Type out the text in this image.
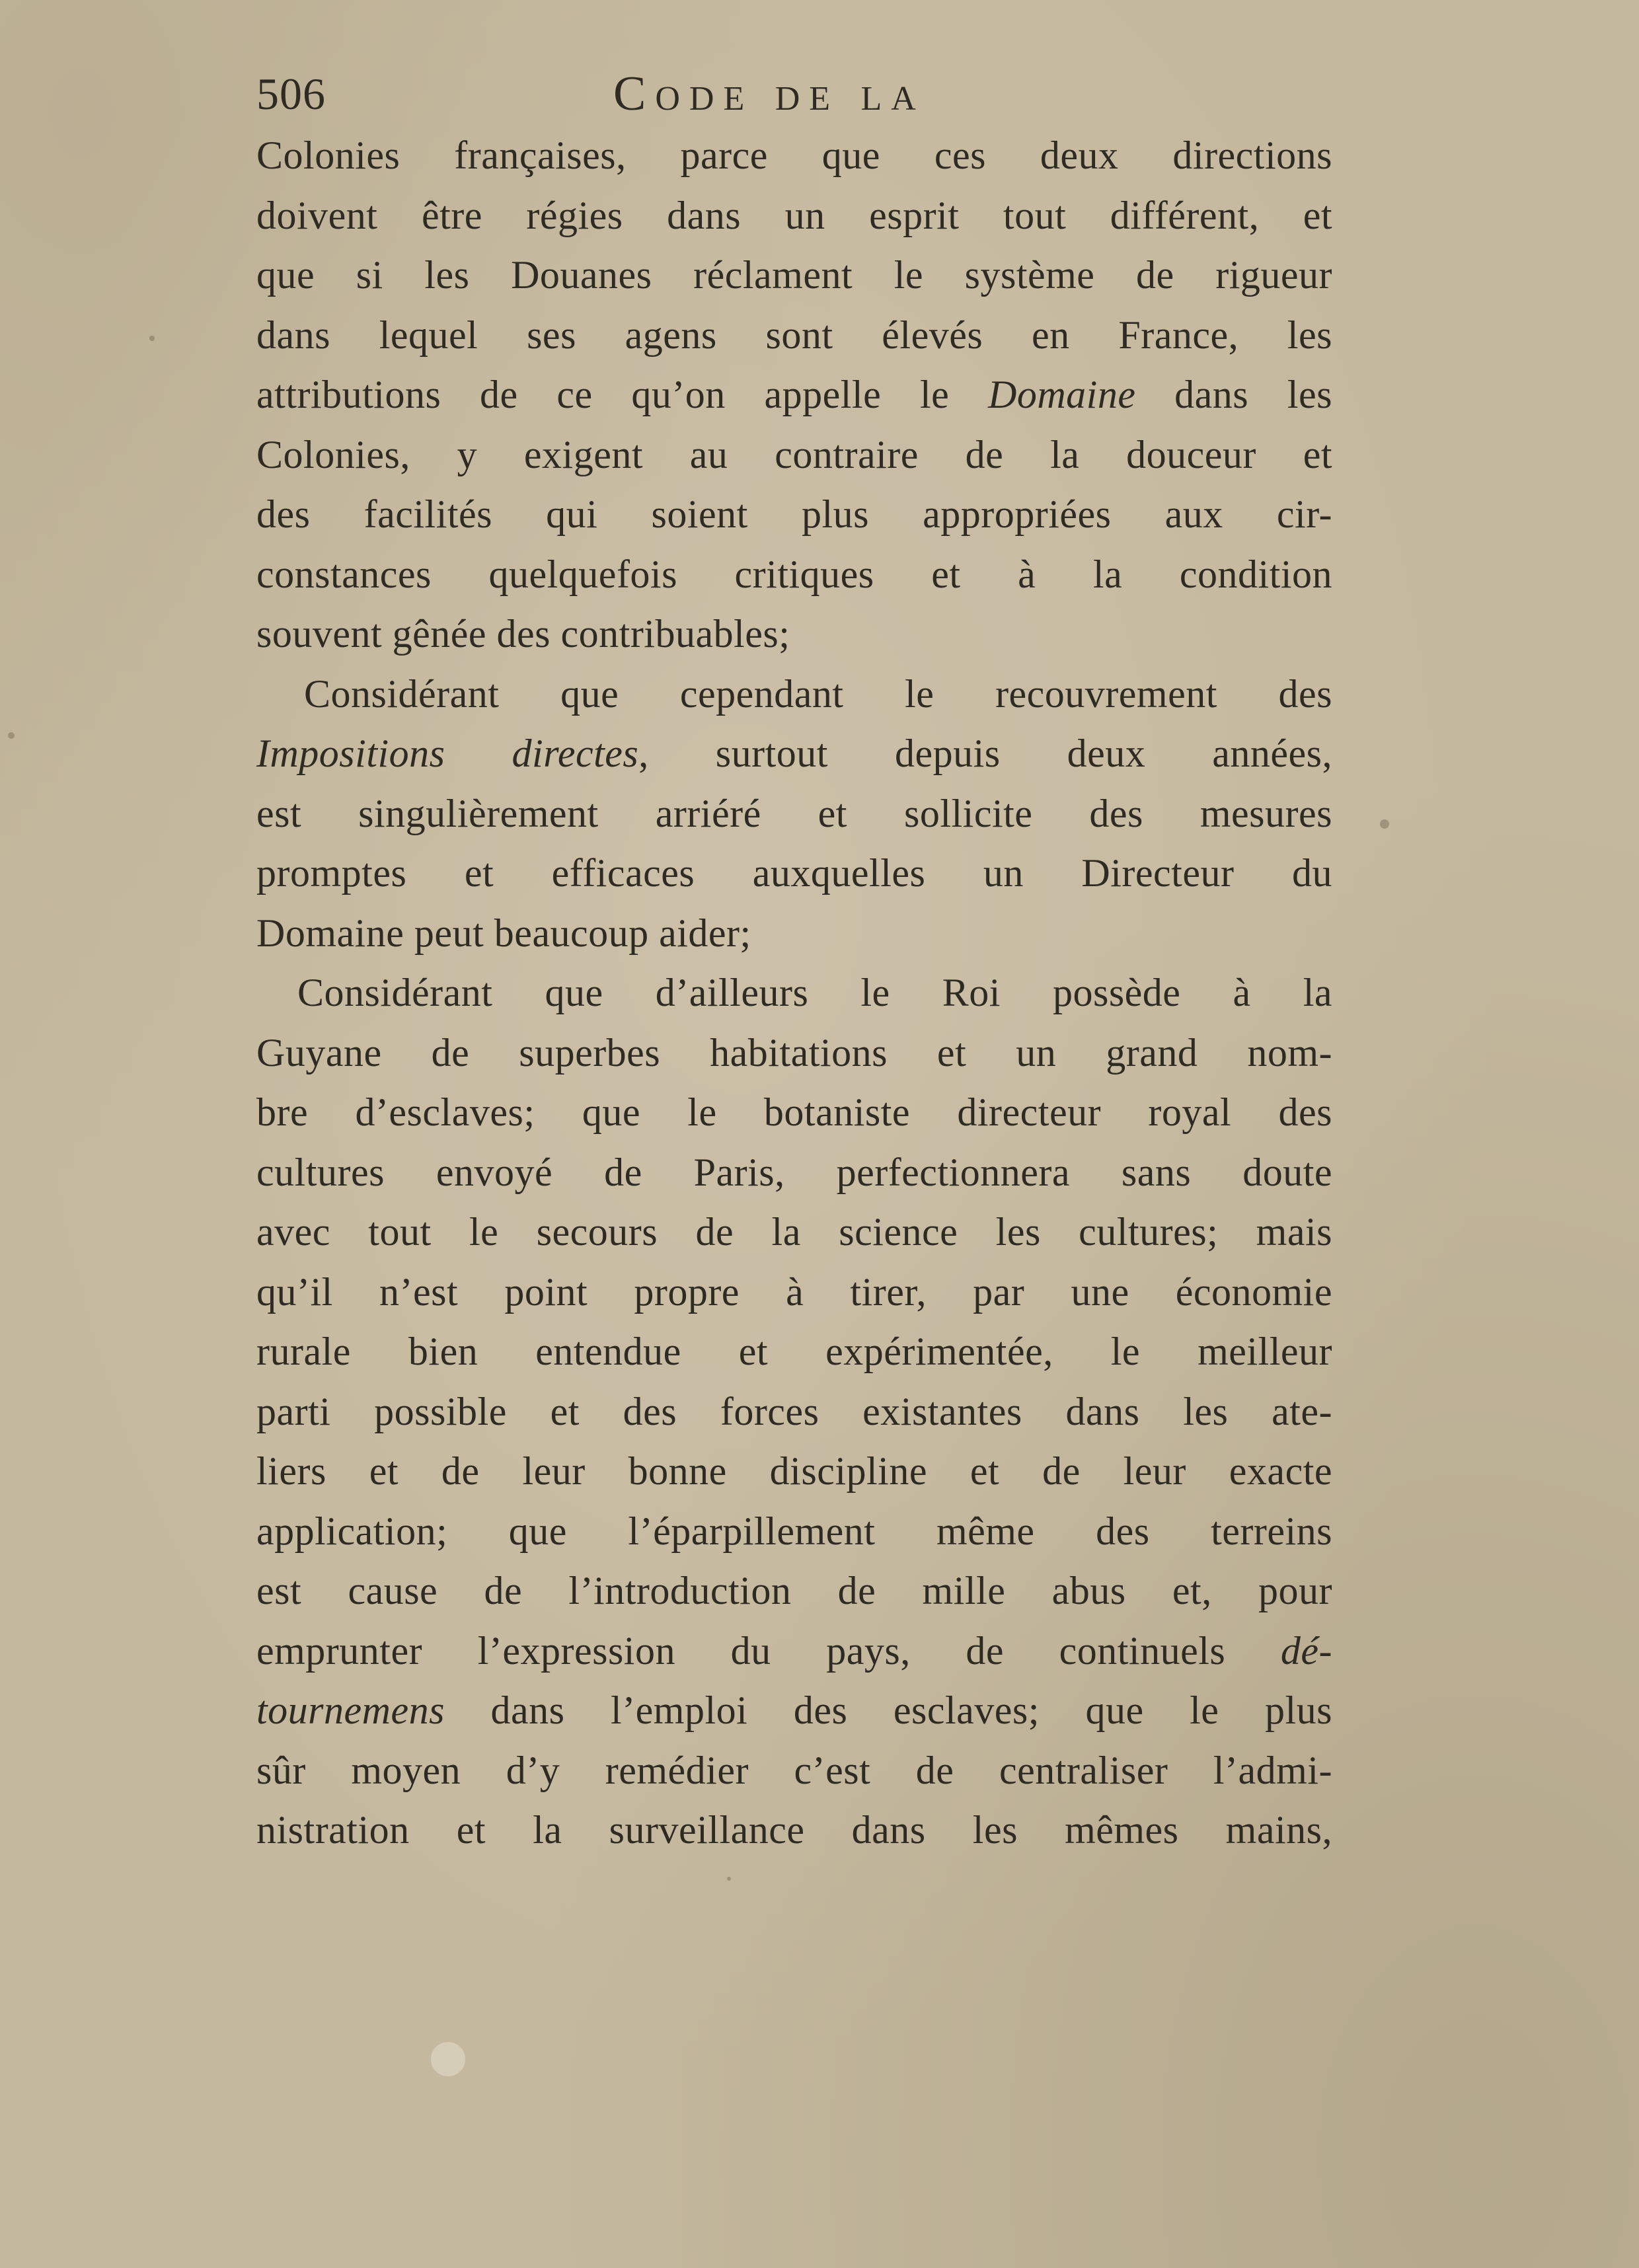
506	Code de la
Colonies françaises, parce que ces deux directions
doivent être régies dans un esprit tout différent, et
que si les Douanes réclament le système de rigueur
dans lequel ses agens sont élevés en France, les
attributions de ce qu’on appelle le Domaine dans les
Colonies, y exigent au contraire de la douceur et
des facilités qui soient plus appropriées aux cir-
constances quelquefois critiques et à la condition
souvent gênée des contribuables;
Considérant que cependant le recouvrement des
Impositions directes, surtout depuis deux années,
est singulièrement arriéré et sollicite des mesures
promptes et efficaces auxquelles un Directeur du
Domaine peut beaucoup aider;
Considérant que d’ailleurs le Roi possède à la
Guyane de superbes habitations et un grand nom-
bre d’esclaves; que le botaniste directeur royal des
cultures envoyé de Paris, perfectionnera sans doute
avec tout le secours de la science les cultures; mais
qu’il n’est point propre à tirer, par une économie
rurale bien entendue et expérimentée, le meilleur
parti possible et des forces existantes dans les ate-
liers et de leur bonne discipline et de leur exacte
application; que l’éparpillement même des terreins
est cause de l’introduction de mille abus et, pour
emprunter l’expression du pays, de continuels dé-
tournemens dans l’emploi des esclaves; que le plus
sûr moyen d’y remédier c’est de centraliser l’admi-
nistration et la surveillance dans les mêmes mains,
